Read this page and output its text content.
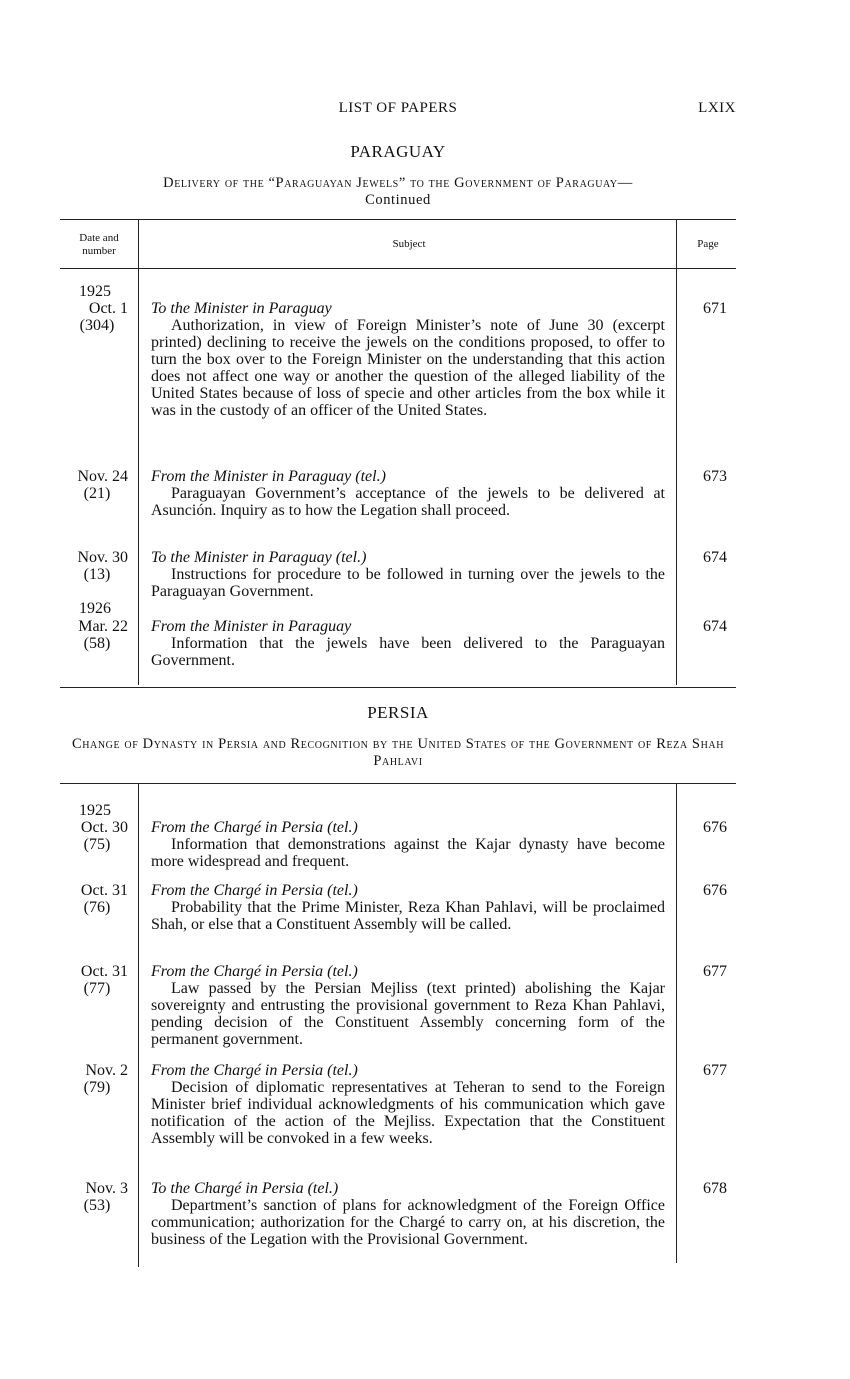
LIST OF PAPERS	LXIX
PARAGUAY
Delivery of the “Paraguayan Jewels” to the Government of Paraguay—
Continued
Date and number
Subject	Page
1925
Oct. 1
(304)
To the Minister in Paraguay
Authorization, in view of Foreign Minister’s note of June 30 (excerpt printed) declining to receive the jewels on the conditions proposed, to offer to turn the box over to the Foreign Minister on the understanding that this action does not affect one way or another the question of the alleged liability of the United States because of loss of specie and other articles from the box while it was in the custody of an officer of the United States.
671
Nov. 24
(21)
From the Minister in Paraguay (tel.)
Paraguayan Government’s acceptance of the jewels to be delivered at Asunción. Inquiry as to how the Legation shall proceed.
673
Nov. 30
(13)
To the Minister in Paraguay (tel.)
Instructions for procedure to be followed in turning over the jewels to the Paraguayan Government.
674
1926
Mar. 22
(58)
From the Minister in Paraguay
Information that the jewels have been delivered to the Paraguayan Government.
674
PERSIA
Change of Dynasty in Persia and Recognition by the United States of the Government of Reza Shah Pahlavi
1925
Oct. 30
(75)
From the Chargé in Persia (tel.)
Information that demonstrations against the Kajar dynasty have become more widespread and frequent.
676
Oct. 31
(76)
From the Chargé in Persia (tel.)
Probability that the Prime Minister, Reza Khan Pahlavi, will be proclaimed Shah, or else that a Constituent Assembly will be called.
676
Oct. 31
(77)
From the Chargé in Persia (tel.)
Law passed by the Persian Mejliss (text printed) abolishing the Kajar sovereignty and entrusting the provisional government to Reza Khan Pahlavi, pending decision of the Constituent Assembly concerning form of the permanent government.
677
Nov. 2
(79)
From the Chargé in Persia (tel.)
Decision of diplomatic representatives at Teheran to send to the Foreign Minister brief individual acknowledgments of his communication which gave notification of the action of the Mejliss. Expectation that the Constituent Assembly will be convoked in a few weeks.
677
Nov. 3
(53)
To the Chargé in Persia (tel.)
Department’s sanction of plans for acknowledgment of the Foreign Office communication; authorization for the Chargé to carry on, at his discretion, the business of the Legation with the Provisional Government.
678
